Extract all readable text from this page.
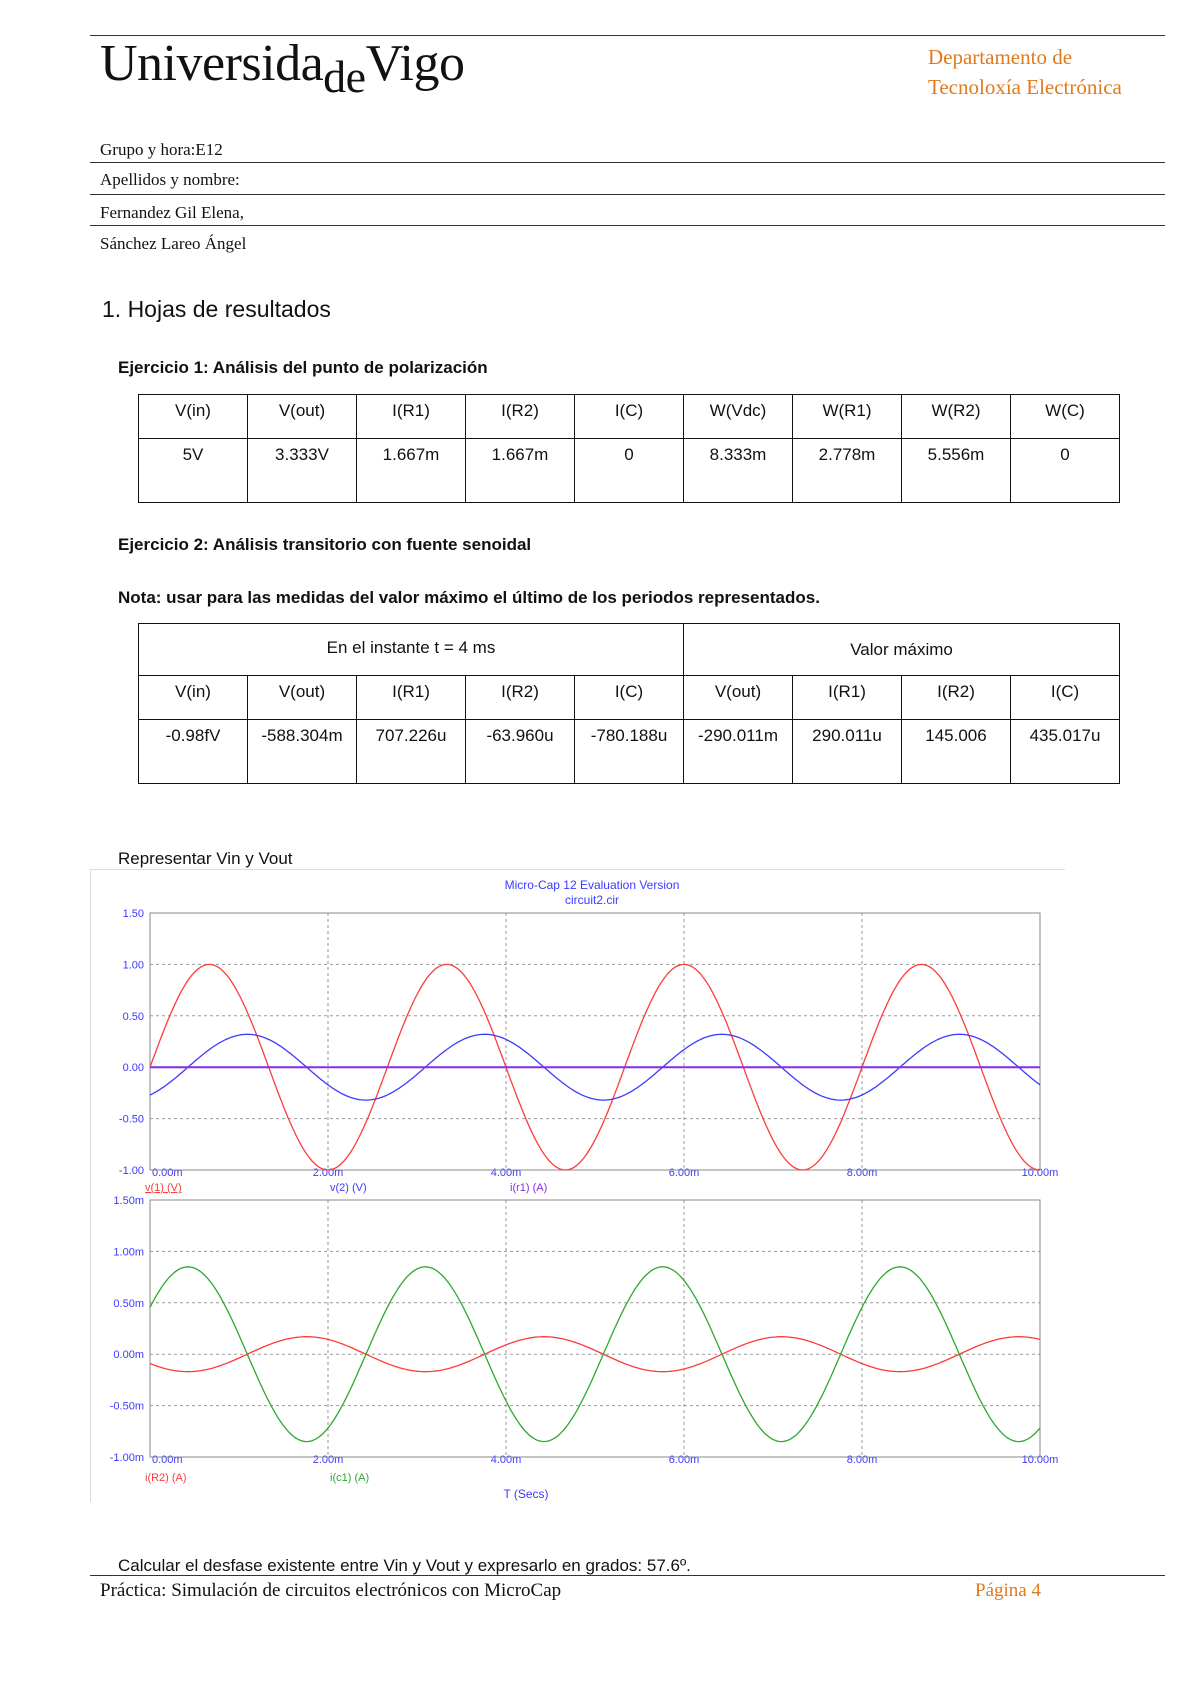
UniversidadeVigo	Departamento de
Tecnoloxía Electrónica
Grupo y hora:E12
Apellidos y nombre:
Fernandez Gil Elena,
Sánchez Lareo Ángel
1. Hojas de resultados
Ejercicio 1: Análisis del punto de polarización
V(in)	V(out)	I(R1)	I(R2)	I(C)	W(Vdc)	W(R1)	W(R2)	W(C)
5V	3.333V	1.667m	1.667m	0	8.333m	2.778m	5.556m	0
Ejercicio 2: Análisis transitorio con fuente senoidal
Nota: usar para las medidas del valor máximo el último de los periodos representados.
En el instante t = 4 ms					Valor máximo			
V(in)	V(out)	I(R1)	I(R2)	I(C)	V(out)	I(R1)	I(R2)	I(C)
-0.98fV	-588.304m	707.226u	-63.960u	-780.188u	-290.011m	290.011u	145.006	435.017u
Representar Vin y Vout
Micro-Cap 12 Evaluation Version
circuit2.cir
-1.00
-0.50
0.00
0.50
1.00
1.50
0.00m	2.00m	4.00m	6.00m	8.00m	10.00m
v(1) (V)	v(2) (V)	i(r1) (A)
-1.00m
-0.50m
0.00m
0.50m
1.00m
1.50m
0.00m	2.00m	4.00m	6.00m	8.00m	10.00m
i(R2) (A)	i(c1) (A)
T (Secs)
Calcular el desfase existente entre Vin y Vout y expresarlo en grados: 57.6º.
Práctica: Simulación de circuitos electrónicos con MicroCap	Página 4
